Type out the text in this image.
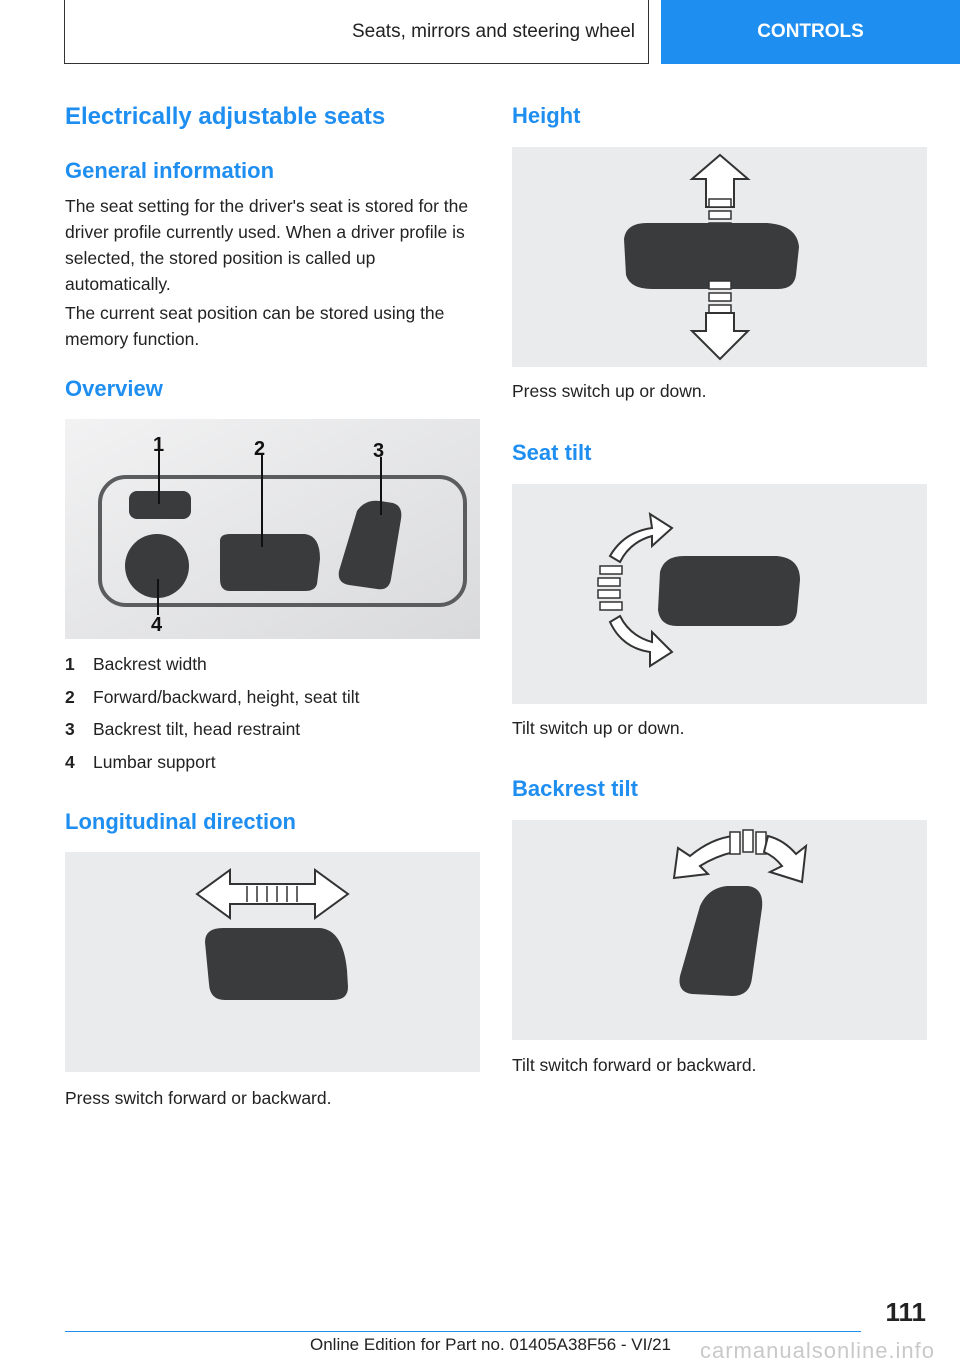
Seats, mirrors and steering wheel	CONTROLS
Electrically adjustable seats
General information
The seat setting for the driver's seat is stored for the driver profile currently used. When a driver profile is selected, the stored position is called up automatically.
The current seat position can be stored using the memory function.
Overview
1	2	3
4
1	Backrest width
2	Forward/backward, height, seat tilt
3	Backrest tilt, head restraint
4	Lumbar support
Longitudinal direction
Press switch forward or backward.
Height
Press switch up or down.
Seat tilt
Tilt switch up or down.
Backrest tilt
Tilt switch forward or backward.
111
Online Edition for Part no. 01405A38F56 - VI/21 carmanualsonline.info
